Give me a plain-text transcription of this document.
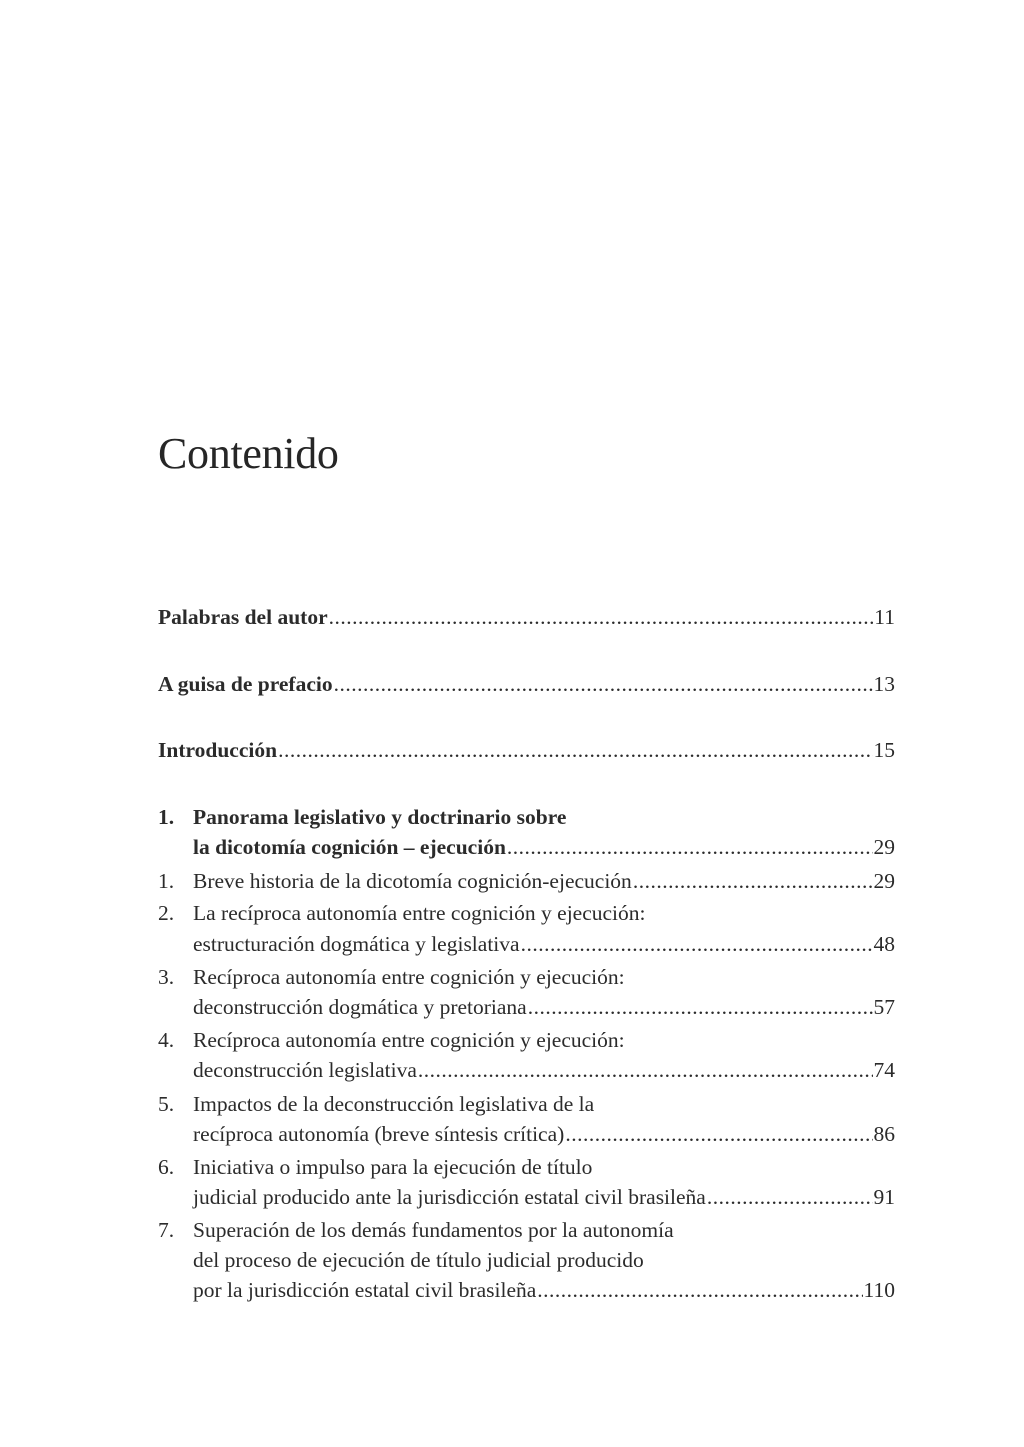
Contenido
Palabras del autor .....	11
A guisa de prefacio .....	13
Introducción .....	15
1. Panorama legislativo y doctrinario sobre
la dicotomía cognición – ejecución .....	29
1. Breve historia de la dicotomía cognición-ejecución .....	29
2. La recíproca autonomía entre cognición y ejecución:
estructuración dogmática y legislativa .....	48
3. Recíproca autonomía entre cognición y ejecución:
deconstrucción dogmática y pretoriana .....	57
4. Recíproca autonomía entre cognición y ejecución:
deconstrucción legislativa .....	74
5. Impactos de la deconstrucción legislativa de la
recíproca autonomía (breve síntesis crítica) .....	86
6. Iniciativa o impulso para la ejecución de título
judicial producido ante la jurisdicción estatal civil brasileña .....	91
7. Superación de los demás fundamentos por la autonomía
del proceso de ejecución de título judicial producido
por la jurisdicción estatal civil brasileña .....	110
